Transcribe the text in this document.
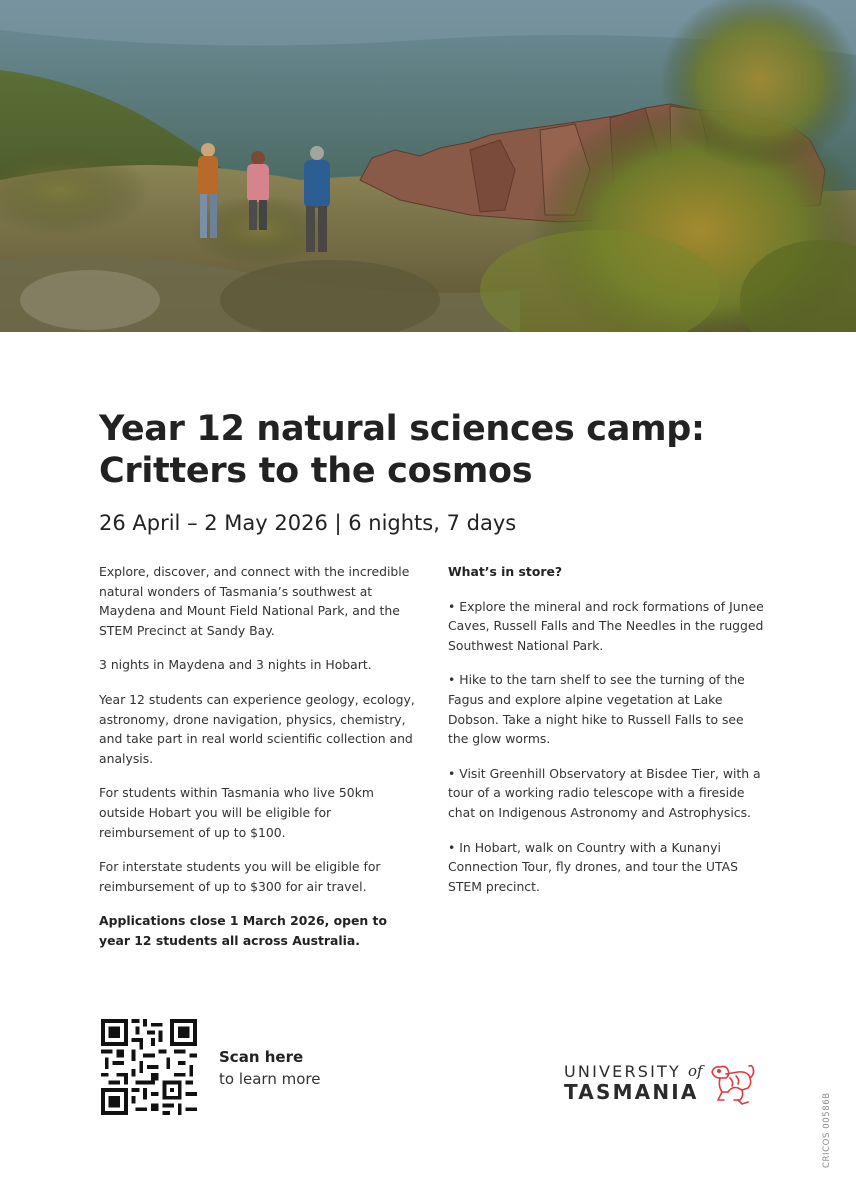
Year 12 natural sciences camp:
Critters to the cosmos
26 April – 2 May 2026 | 6 nights, 7 days

Explore, discover, and connect with the incredible natural wonders of Tasmania’s southwest at Maydena and Mount Field National Park, and the STEM Precinct at Sandy Bay.

3 nights in Maydena and 3 nights in Hobart.

Year 12 students can experience geology, ecology, astronomy, drone navigation, physics, chemistry, and take part in real world scientific collection and analysis.

For students within Tasmania who live 50km outside Hobart you will be eligible for reimbursement of up to $100.

For interstate students you will be eligible for reimbursement of up to $300 for air travel.

Applications close 1 March 2026, open to year 12 students all across Australia.

What’s in store?

• Explore the mineral and rock formations of Junee Caves, Russell Falls and The Needles in the rugged Southwest National Park.

• Hike to the tarn shelf to see the turning of the Fagus and explore alpine vegetation at Lake Dobson. Take a night hike to Russell Falls to see the glow worms.

• Visit Greenhill Observatory at Bisdee Tier, with a tour of a working radio telescope with a fireside chat on Indigenous Astronomy and Astrophysics.

• In Hobart, walk on Country with a Kunanyi Connection Tour, fly drones, and tour the UTAS STEM precinct.

Scan here
to learn more	UNIVERSITY of
TASMANIA
CRICOS 00586B
